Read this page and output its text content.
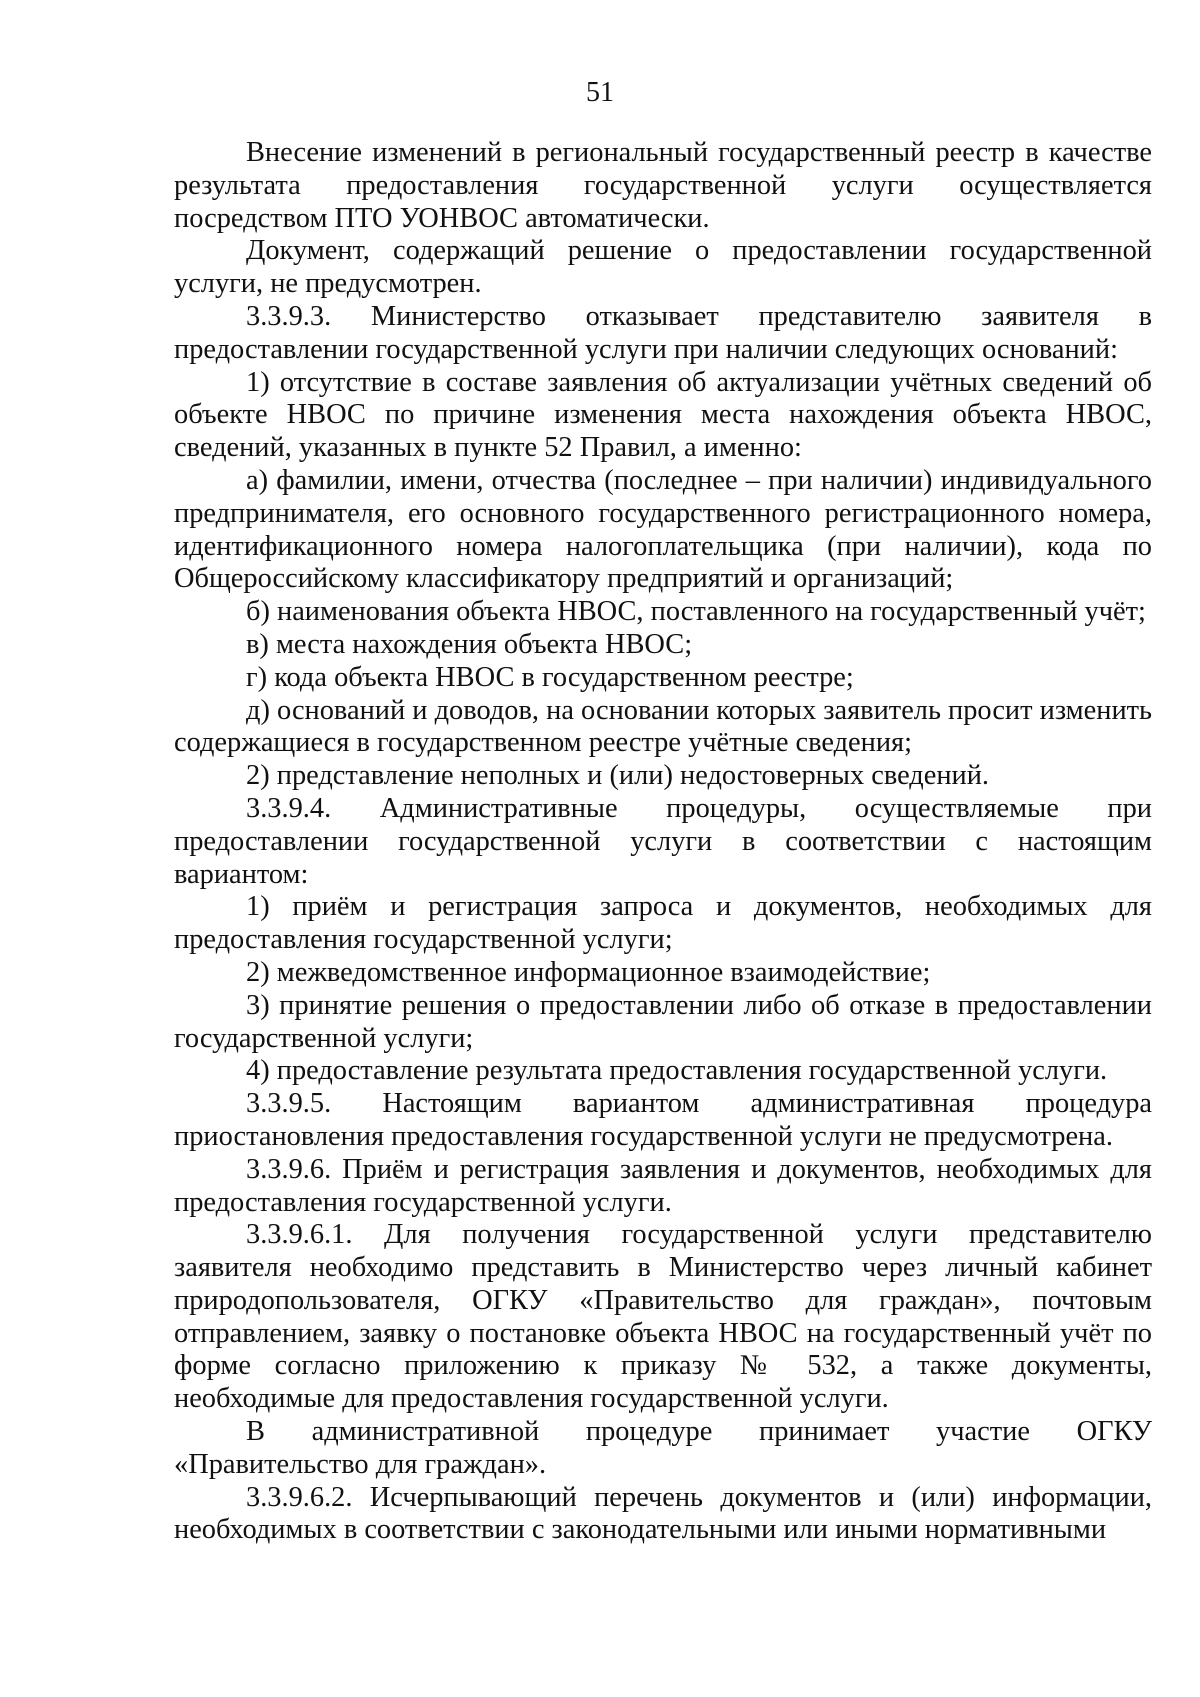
51

Внесение изменений в региональный государственный реестр в качестве результата предоставления государственной услуги осуществляется посредством ПТО УОНВОС автоматически.

Документ, содержащий решение о предоставлении государственной услуги, не предусмотрен.

3.3.9.3. Министерство отказывает представителю заявителя в предоставлении государственной услуги при наличии следующих оснований:

1) отсутствие в составе заявления об актуализации учётных сведений об объекте НВОС по причине изменения места нахождения объекта НВОС, сведений, указанных в пункте 52 Правил, а именно:

а) фамилии, имени, отчества (последнее – при наличии) индивидуального предпринимателя, его основного государственного регистрационного номера, идентификационного номера налогоплательщика (при наличии), кода по Общероссийскому классификатору предприятий и организаций;

б) наименования объекта НВОС, поставленного на государственный учёт;

в) места нахождения объекта НВОС;

г) кода объекта НВОС в государственном реестре;

д) оснований и доводов, на основании которых заявитель просит изменить содержащиеся в государственном реестре учётные сведения;

2) представление неполных и (или) недостоверных сведений.

3.3.9.4. Административные процедуры, осуществляемые при предоставлении государственной услуги в соответствии с настоящим вариантом:

1) приём и регистрация запроса и документов, необходимых для предоставления государственной услуги;

2) межведомственное информационное взаимодействие;

3) принятие решения о предоставлении либо об отказе в предоставлении государственной услуги;

4) предоставление результата предоставления государственной услуги.

3.3.9.5. Настоящим вариантом административная процедура приостановления предоставления государственной услуги не предусмотрена.

3.3.9.6. Приём и регистрация заявления и документов, необходимых для предоставления государственной услуги.

3.3.9.6.1. Для получения государственной услуги представителю заявителя необходимо представить в Министерство через личный кабинет природопользователя, ОГКУ «Правительство для граждан», почтовым отправлением, заявку о постановке объекта НВОС на государственный учёт по форме согласно приложению к приказу № 532, а также документы, необходимые для предоставления государственной услуги.

В административной процедуре принимает участие ОГКУ «Правительство для граждан».

3.3.9.6.2. Исчерпывающий перечень документов и (или) информации, необходимых в соответствии с законодательными или иными нормативными
